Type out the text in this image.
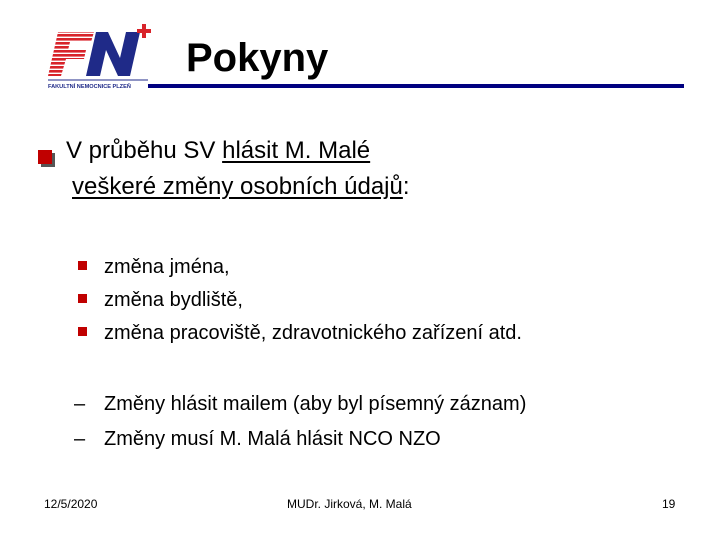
FAKULTNÍ NEMOCNICE PLZEŇ
Pokyny
V průběhu SV hlásit M. Malé
veškeré změny osobních údajů:
změna jména,
změna bydliště,
změna pracoviště, zdravotnického zařízení atd.
– Změny hlásit mailem (aby byl písemný záznam)
– Změny musí M. Malá hlásit NCO NZO
12/5/2020	MUDr. Jirková, M. Malá	19
